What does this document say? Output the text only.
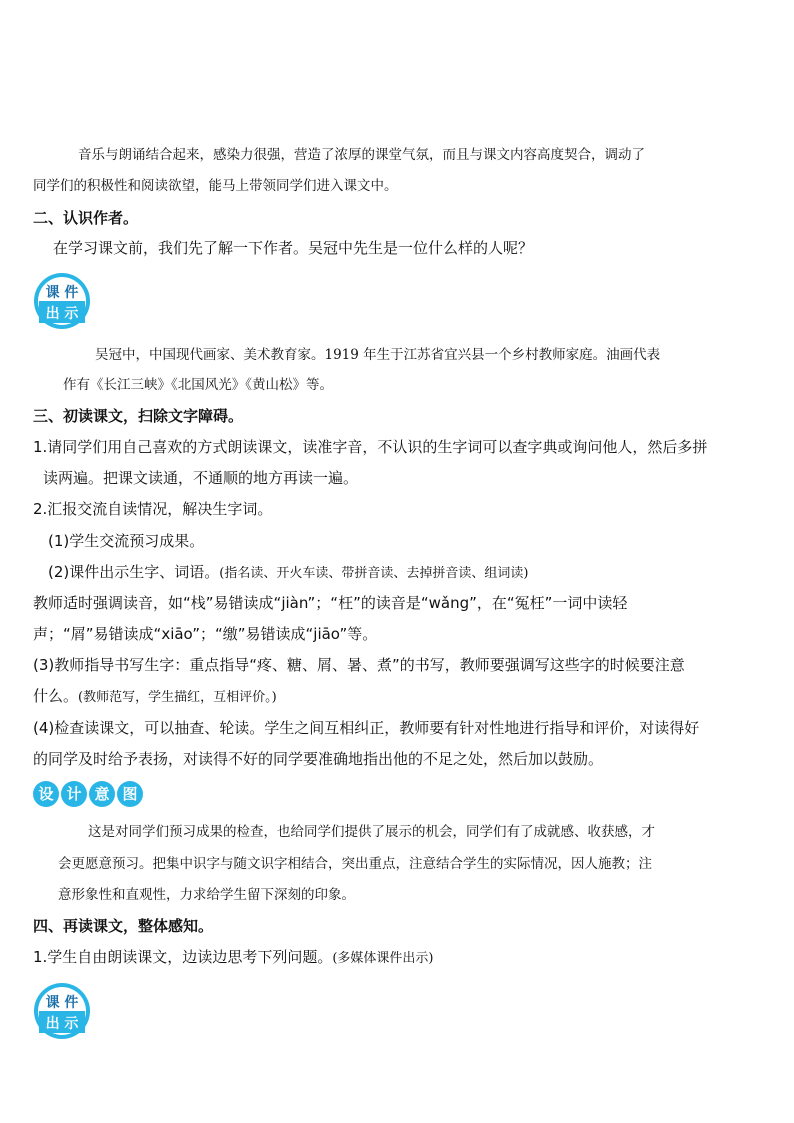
音乐与朗诵结合起来，感染力很强，营造了浓厚的课堂气氛，而且与课文内容高度契合，调动了
同学们的积极性和阅读欲望，能马上带领同学们进入课文中。
二、认识作者。
在学习课文前，我们先了解一下作者。吴冠中先生是一位什么样的人呢？
课 件
出 示
吴冠中，中国现代画家、美术教育家。1919 年生于江苏省宜兴县一个乡村教师家庭。油画代表
作有《长江三峡》《北国风光》《黄山松》等。
三、初读课文，扫除文字障碍。
1.请同学们用自己喜欢的方式朗读课文，读准字音，不认识的生字词可以查字典或询问他人，然后多拼
读两遍。把课文读通，不通顺的地方再读一遍。
2.汇报交流自读情况，解决生字词。
(1)学生交流预习成果。
(2)课件出示生字、词语。(指名读、开火车读、带拼音读、去掉拼音读、组词读)
教师适时强调读音，如“栈”易错读成“jiàn”；“枉”的读音是“wǎng”，在“冤枉”一词中读轻
声；“屑”易错读成“xiāo”；“缴”易错读成“jiāo”等。
(3)教师指导书写生字：重点指导“疼、糖、屑、暑、煮”的书写，教师要强调写这些字的时候要注意
什么。(教师范写，学生描红，互相评价。)
(4)检查读课文，可以抽查、轮读。学生之间互相纠正，教师要有针对性地进行指导和评价，对读得好
的同学及时给予表扬，对读得不好的同学要准确地指出他的不足之处，然后加以鼓励。
设 计 意 图
这是对同学们预习成果的检查，也给同学们提供了展示的机会，同学们有了成就感、收获感，才
会更愿意预习。把集中识字与随文识字相结合，突出重点，注意结合学生的实际情况，因人施教；注
意形象性和直观性，力求给学生留下深刻的印象。
四、再读课文，整体感知。
1.学生自由朗读课文，边读边思考下列问题。(多媒体课件出示)
课 件
出 示
